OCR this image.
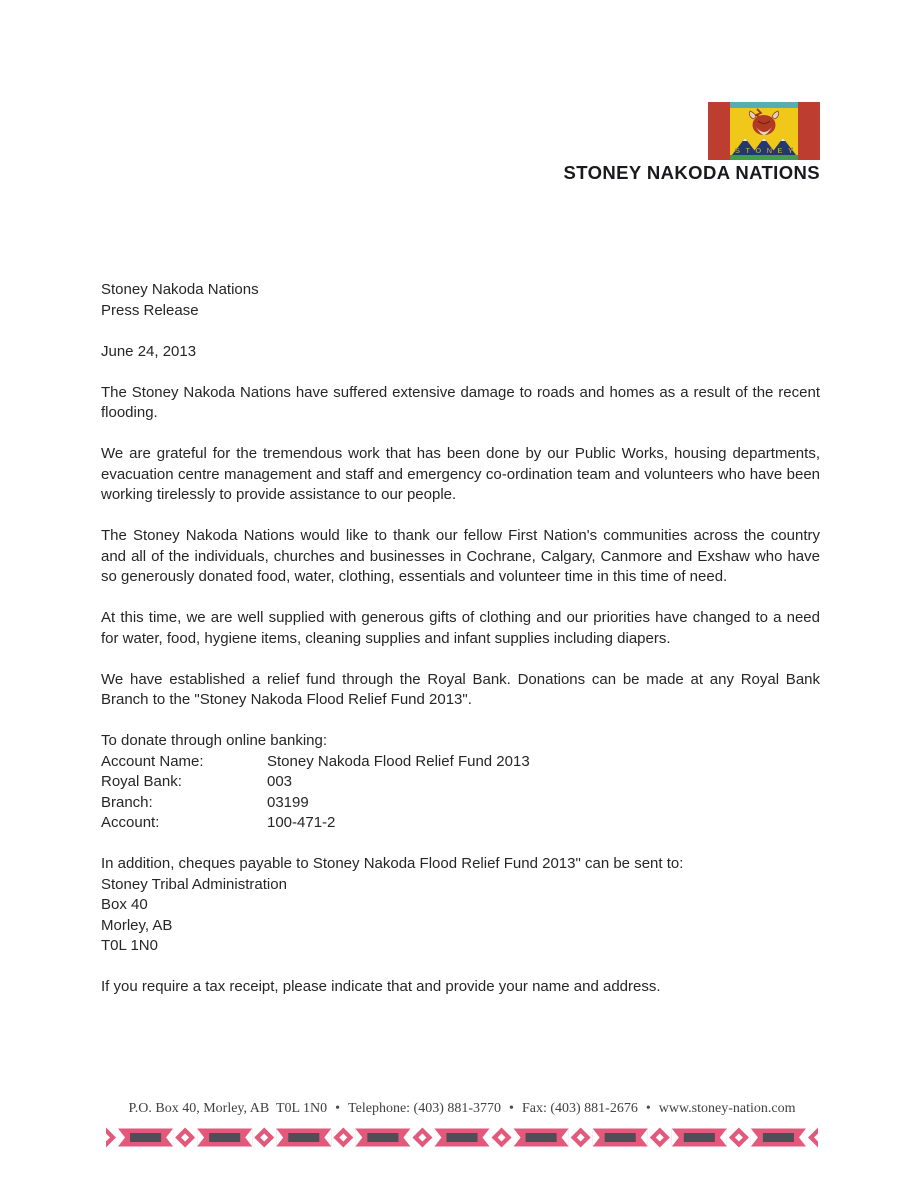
STONEY
STONEY NAKODA NATIONS
Stoney Nakoda Nations
Press Release
June 24, 2013

The Stoney Nakoda Nations have suffered extensive damage to roads and homes as a result of the recent flooding.

We are grateful for the tremendous work that has been done by our Public Works, housing departments, evacuation centre management and staff and emergency co-ordination team and volunteers who have been working tirelessly to provide assistance to our people.

The Stoney Nakoda Nations would like to thank our fellow First Nation's communities across the country and all of the individuals, churches and businesses in Cochrane, Calgary, Canmore and Exshaw who have so generously donated food, water, clothing, essentials and volunteer time in this time of need.

At this time, we are well supplied with generous gifts of clothing and our priorities have changed to a need for water, food, hygiene items, cleaning supplies and infant supplies including diapers.

We have established a relief fund through the Royal Bank. Donations can be made at any Royal Bank Branch to the "Stoney Nakoda Flood Relief Fund 2013".

To donate through online banking:
Account Name:	Stoney Nakoda Flood Relief Fund 2013
Royal Bank:	003
Branch:	03199
Account:	100-471-2
In addition, cheques payable to Stoney Nakoda Flood Relief Fund 2013" can be sent to:
Stoney Tribal Administration
Box 40
Morley, AB
T0L 1N0
If you require a tax receipt, please indicate that and provide your name and address.
P.O. Box 40, Morley, AB  T0L 1N0 • Telephone: (403) 881-3770 • Fax: (403) 881-2676 • www.stoney-nation.com
